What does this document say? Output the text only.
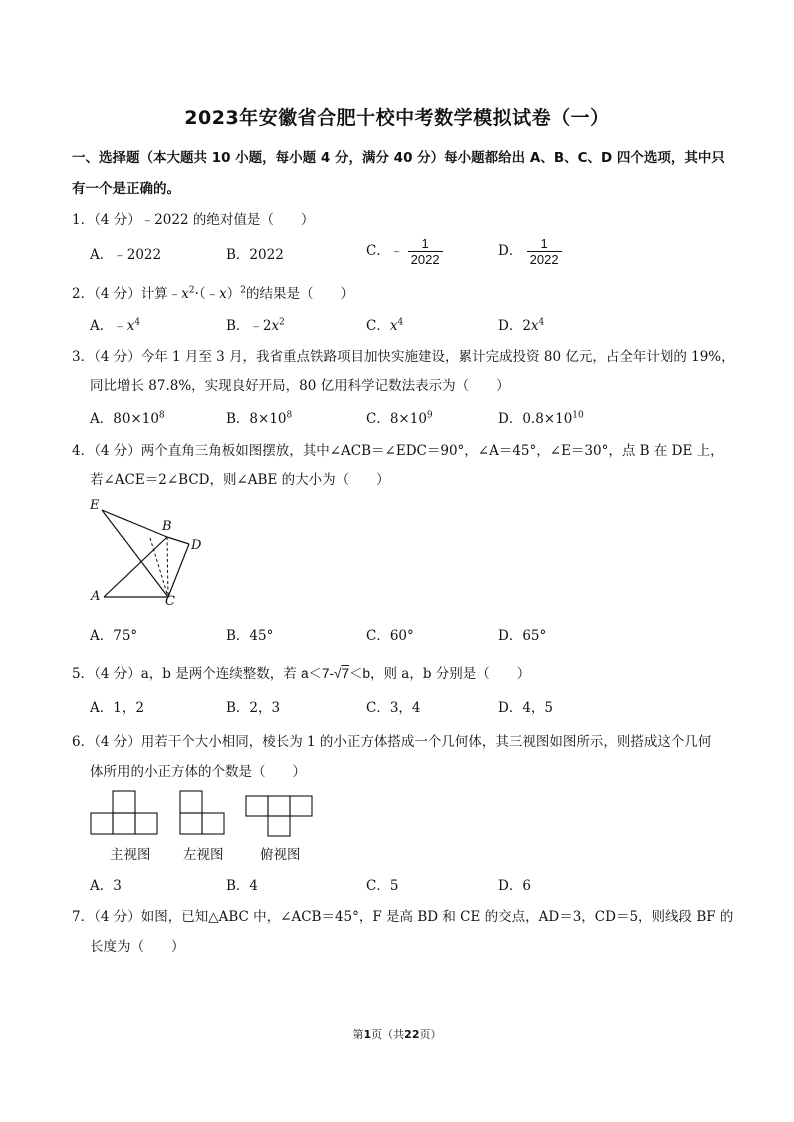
2023年安徽省合肥十校中考数学模拟试卷（一）
一、选择题（本大题共 10 小题，每小题 4 分，满分 40 分）每小题都给出 A、B、C、D 四个选项，其中只
有一个是正确的。
1．（4 分）﹣2022 的绝对值是（　　）
A．﹣2022	B．2022	C．﹣ $\frac{1}{2022}$	D． $\frac{1}{2022}$
2．（4 分）计算$﹣x^2\cdot(﹣x)^2$的结果是（　　）
A．$﹣x^4$	B．$﹣2x^2$	C．$x^4$	D．$2x^4$
3．（4 分）今年 1 月至 3 月，我省重点铁路项目加快实施建设，累计完成投资 80 亿元，占全年计划的 19%，
同比增长 87.8%，实现良好开局，80 亿用科学记数法表示为（　　）
A．$80\times 10^8$	B．$8\times 10^8$	C．$8\times 10^9$	D．$0.8\times 10^{10}$
4．（4 分）两个直角三角板如图摆放，其中∠ACB＝∠EDC＝90°，∠A＝45°，∠E＝30°，点 B 在 DE 上，
若∠ACE＝2∠BCD，则∠ABE 的大小为（　　）
E
B
D
A	C
A．75°	B．45°	C．60°	D．65°
5．（4 分）a，b 是两个连续整数，若 a＜7-√7＜b，则 a，b 分别是（　　）
A．1，2	B．2，3	C．3，4	D．4，5
6．（4 分）用若干个大小相同，棱长为 1 的小正方体搭成一个几何体，其三视图如图所示，则搭成这个几何
体所用的小正方体的个数是（　　）
主视图 左视图	俯视图
A．3	B．4	C．5	D．6
7．（4 分）如图，已知△ABC 中，∠ACB＝45°，F 是高 BD 和 CE 的交点，AD＝3，CD＝5，则线段 BF 的
长度为（　　）
第1页（共22页）
